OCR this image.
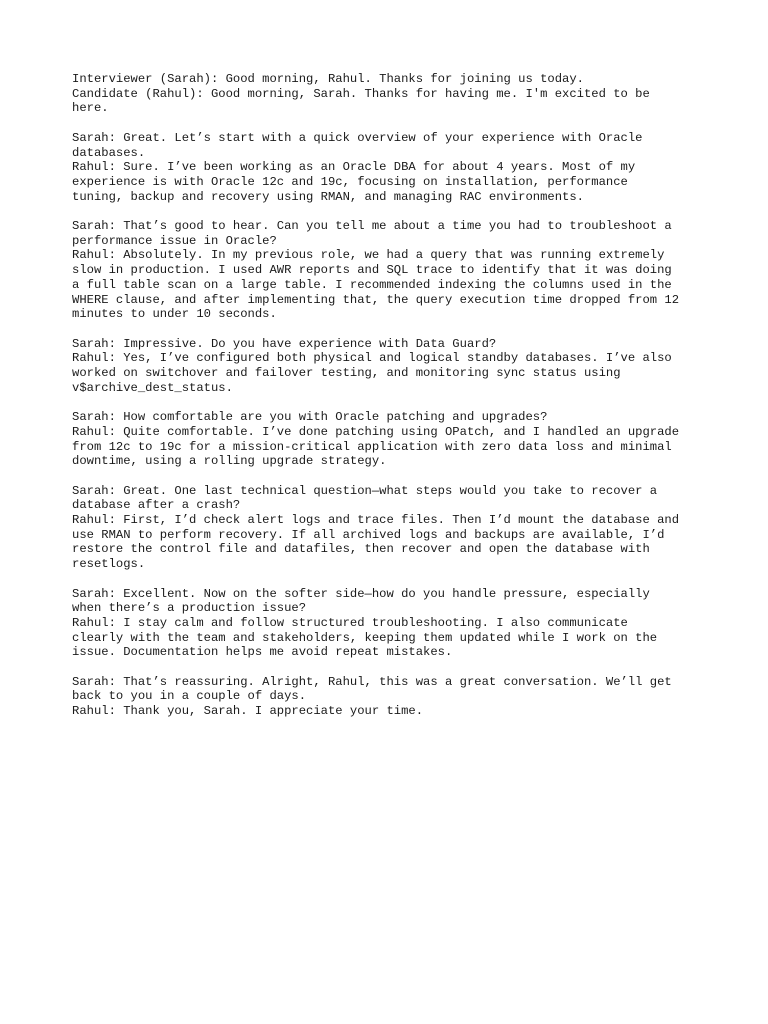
Interviewer (Sarah): Good morning, Rahul. Thanks for joining us today.
Candidate (Rahul): Good morning, Sarah. Thanks for having me. I'm excited to be
here.
Sarah: Great. Let’s start with a quick overview of your experience with Oracle
databases.
Rahul: Sure. I’ve been working as an Oracle DBA for about 4 years. Most of my
experience is with Oracle 12c and 19c, focusing on installation, performance
tuning, backup and recovery using RMAN, and managing RAC environments.
Sarah: That’s good to hear. Can you tell me about a time you had to troubleshoot a
performance issue in Oracle?
Rahul: Absolutely. In my previous role, we had a query that was running extremely
slow in production. I used AWR reports and SQL trace to identify that it was doing
a full table scan on a large table. I recommended indexing the columns used in the
WHERE clause, and after implementing that, the query execution time dropped from 12
minutes to under 10 seconds.
Sarah: Impressive. Do you have experience with Data Guard?
Rahul: Yes, I’ve configured both physical and logical standby databases. I’ve also
worked on switchover and failover testing, and monitoring sync status using
v$archive_dest_status.
Sarah: How comfortable are you with Oracle patching and upgrades?
Rahul: Quite comfortable. I’ve done patching using OPatch, and I handled an upgrade
from 12c to 19c for a mission-critical application with zero data loss and minimal
downtime, using a rolling upgrade strategy.
Sarah: Great. One last technical question—what steps would you take to recover a
database after a crash?
Rahul: First, I’d check alert logs and trace files. Then I’d mount the database and
use RMAN to perform recovery. If all archived logs and backups are available, I’d
restore the control file and datafiles, then recover and open the database with
resetlogs.
Sarah: Excellent. Now on the softer side—how do you handle pressure, especially
when there’s a production issue?
Rahul: I stay calm and follow structured troubleshooting. I also communicate
clearly with the team and stakeholders, keeping them updated while I work on the
issue. Documentation helps me avoid repeat mistakes.
Sarah: That’s reassuring. Alright, Rahul, this was a great conversation. We’ll get
back to you in a couple of days.
Rahul: Thank you, Sarah. I appreciate your time.
